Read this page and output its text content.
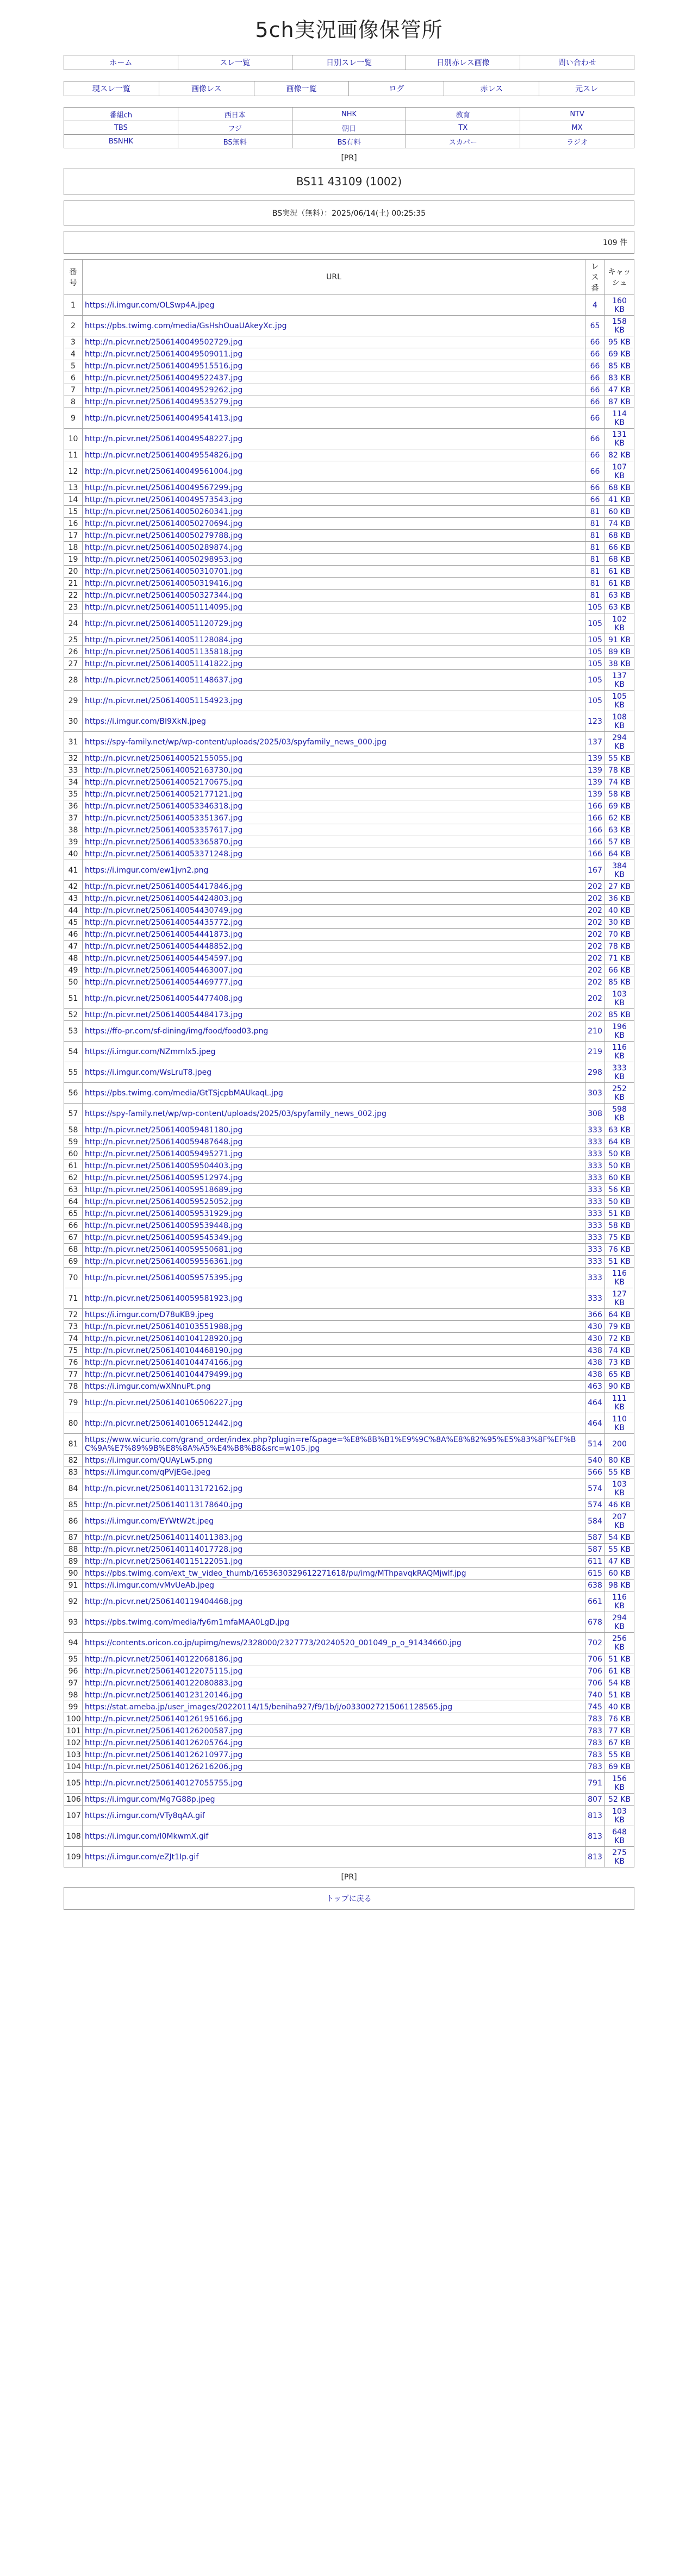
5ch実況画像保管所
ホーム	スレ一覧	日別スレ一覧	日別赤レス画像	問い合わせ
現スレ一覧	画像レス	画像一覧	ログ	赤レス	元スレ
番組ch	西日本	NHK	教育	NTV
TBS	フジ	朝日	TX	MX
BSNHK	BS無料	BS有料	スカパー	ラジオ
[PR]
BS11 43109 (1002)
BS実況（無料）：2025/06/14(土) 00:25:35
109 件
番号	URL	レス番	キャッシュ
1	https://i.imgur.com/OLSwp4A.jpeg	4	160 KB
2	https://pbs.twimg.com/media/GsHshOuaUAkeyXc.jpg	65	158 KB
3	http://n.picvr.net/2506140049502729.jpg	66	95 KB
4	http://n.picvr.net/2506140049509011.jpg	66	69 KB
5	http://n.picvr.net/2506140049515516.jpg	66	85 KB
6	http://n.picvr.net/2506140049522437.jpg	66	83 KB
7	http://n.picvr.net/2506140049529262.jpg	66	47 KB
8	http://n.picvr.net/2506140049535279.jpg	66	87 KB
9	http://n.picvr.net/2506140049541413.jpg	66	114 KB
10	http://n.picvr.net/2506140049548227.jpg	66	131 KB
11	http://n.picvr.net/2506140049554826.jpg	66	82 KB
12	http://n.picvr.net/2506140049561004.jpg	66	107 KB
13	http://n.picvr.net/2506140049567299.jpg	66	68 KB
14	http://n.picvr.net/2506140049573543.jpg	66	41 KB
15	http://n.picvr.net/2506140050260341.jpg	81	60 KB
16	http://n.picvr.net/2506140050270694.jpg	81	74 KB
17	http://n.picvr.net/2506140050279788.jpg	81	68 KB
18	http://n.picvr.net/2506140050289874.jpg	81	66 KB
19	http://n.picvr.net/2506140050298953.jpg	81	68 KB
20	http://n.picvr.net/2506140050310701.jpg	81	61 KB
21	http://n.picvr.net/2506140050319416.jpg	81	61 KB
22	http://n.picvr.net/2506140050327344.jpg	81	63 KB
23	http://n.picvr.net/2506140051114095.jpg	105	63 KB
24	http://n.picvr.net/2506140051120729.jpg	105	102 KB
25	http://n.picvr.net/2506140051128084.jpg	105	91 KB
26	http://n.picvr.net/2506140051135818.jpg	105	89 KB
27	http://n.picvr.net/2506140051141822.jpg	105	38 KB
28	http://n.picvr.net/2506140051148637.jpg	105	137 KB
29	http://n.picvr.net/2506140051154923.jpg	105	105 KB
30	https://i.imgur.com/BI9XkN.jpeg	123	108 KB
31	https://spy-family.net/wp/wp-content/uploads/2025/03/spyfamily_news_000.jpg	137	294 KB
32	http://n.picvr.net/2506140052155055.jpg	139	55 KB
33	http://n.picvr.net/2506140052163730.jpg	139	78 KB
34	http://n.picvr.net/2506140052170675.jpg	139	74 KB
35	http://n.picvr.net/2506140052177121.jpg	139	58 KB
36	http://n.picvr.net/2506140053346318.jpg	166	69 KB
37	http://n.picvr.net/2506140053351367.jpg	166	62 KB
38	http://n.picvr.net/2506140053357617.jpg	166	63 KB
39	http://n.picvr.net/2506140053365870.jpg	166	57 KB
40	http://n.picvr.net/2506140053371248.jpg	166	64 KB
41	https://i.imgur.com/ew1jvn2.png	167	384 KB
42	http://n.picvr.net/2506140054417846.jpg	202	27 KB
43	http://n.picvr.net/2506140054424803.jpg	202	36 KB
44	http://n.picvr.net/2506140054430749.jpg	202	40 KB
45	http://n.picvr.net/2506140054435772.jpg	202	30 KB
46	http://n.picvr.net/2506140054441873.jpg	202	70 KB
47	http://n.picvr.net/2506140054448852.jpg	202	78 KB
48	http://n.picvr.net/2506140054454597.jpg	202	71 KB
49	http://n.picvr.net/2506140054463007.jpg	202	66 KB
50	http://n.picvr.net/2506140054469777.jpg	202	85 KB
51	http://n.picvr.net/2506140054477408.jpg	202	103 KB
52	http://n.picvr.net/2506140054484173.jpg	202	85 KB
53	https://ffo-pr.com/sf-dining/img/food/food03.png	210	196 KB
54	https://i.imgur.com/NZmmlx5.jpeg	219	116 KB
55	https://i.imgur.com/WsLruT8.jpeg	298	333 KB
56	https://pbs.twimg.com/media/GtTSjcpbMAUkaqL.jpg	303	252 KB
57	https://spy-family.net/wp/wp-content/uploads/2025/03/spyfamily_news_002.jpg	308	598 KB
58	http://n.picvr.net/2506140059481180.jpg	333	63 KB
59	http://n.picvr.net/2506140059487648.jpg	333	64 KB
60	http://n.picvr.net/2506140059495271.jpg	333	50 KB
61	http://n.picvr.net/2506140059504403.jpg	333	50 KB
62	http://n.picvr.net/2506140059512974.jpg	333	60 KB
63	http://n.picvr.net/2506140059518689.jpg	333	56 KB
64	http://n.picvr.net/2506140059525052.jpg	333	50 KB
65	http://n.picvr.net/2506140059531929.jpg	333	51 KB
66	http://n.picvr.net/2506140059539448.jpg	333	58 KB
67	http://n.picvr.net/2506140059545349.jpg	333	75 KB
68	http://n.picvr.net/2506140059550681.jpg	333	76 KB
69	http://n.picvr.net/2506140059556361.jpg	333	51 KB
70	http://n.picvr.net/2506140059575395.jpg	333	116 KB
71	http://n.picvr.net/2506140059581923.jpg	333	127 KB
72	https://i.imgur.com/D78uKB9.jpeg	366	64 KB
73	http://n.picvr.net/2506140103551988.jpg	430	79 KB
74	http://n.picvr.net/2506140104128920.jpg	430	72 KB
75	http://n.picvr.net/2506140104468190.jpg	438	74 KB
76	http://n.picvr.net/2506140104474166.jpg	438	73 KB
77	http://n.picvr.net/2506140104479499.jpg	438	65 KB
78	https://i.imgur.com/wXNnuPt.png	463	90 KB
79	http://n.picvr.net/2506140106506227.jpg	464	111 KB
80	http://n.picvr.net/2506140106512442.jpg	464	110 KB
81	https://www.wicurio.com/grand_order/index.php?plugin=ref&page=%E8%8B%B1%E9%9C%8A%E8%82%95%E5%83%8F%EF%BC%9A%E7%89%9B%E8%8A%A5%E4%B8%B8&src=w105.jpg	514	200
82	https://i.imgur.com/QUAyLw5.png	540	80 KB
83	https://i.imgur.com/qPVjEGe.jpeg	566	55 KB
84	http://n.picvr.net/2506140113172162.jpg	574	103 KB
85	http://n.picvr.net/2506140113178640.jpg	574	46 KB
86	https://i.imgur.com/EYWtW2t.jpeg	584	207 KB
87	http://n.picvr.net/2506140114011383.jpg	587	54 KB
88	http://n.picvr.net/2506140114017728.jpg	587	55 KB
89	http://n.picvr.net/2506140115122051.jpg	611	47 KB
90	https://pbs.twimg.com/ext_tw_video_thumb/1653630329612271618/pu/img/MThpavqkRAQMjwlf.jpg	615	60 KB
91	https://i.imgur.com/vMvUeAb.jpeg	638	98 KB
92	http://n.picvr.net/2506140119404468.jpg	661	116 KB
93	https://pbs.twimg.com/media/fy6m1mfaMAA0LgD.jpg	678	294 KB
94	https://contents.oricon.co.jp/upimg/news/2328000/2327773/20240520_001049_p_o_91434660.jpg	702	256 KB
95	http://n.picvr.net/2506140122068186.jpg	706	51 KB
96	http://n.picvr.net/2506140122075115.jpg	706	61 KB
97	http://n.picvr.net/2506140122080883.jpg	706	54 KB
98	http://n.picvr.net/2506140123120146.jpg	740	51 KB
99	https://stat.ameba.jp/user_images/20220114/15/beniha927/f9/1b/j/o0330027215061128565.jpg	745	40 KB
100	http://n.picvr.net/2506140126195166.jpg	783	76 KB
101	http://n.picvr.net/2506140126200587.jpg	783	77 KB
102	http://n.picvr.net/2506140126205764.jpg	783	67 KB
103	http://n.picvr.net/2506140126210977.jpg	783	55 KB
104	http://n.picvr.net/2506140126216206.jpg	783	69 KB
105	http://n.picvr.net/2506140127055755.jpg	791	156 KB
106	https://i.imgur.com/Mg7G88p.jpeg	807	52 KB
107	https://i.imgur.com/VTy8qAA.gif	813	103 KB
108	https://i.imgur.com/I0MkwmX.gif	813	648 KB
109	https://i.imgur.com/eZJt1Ip.gif	813	275 KB
[PR]
トップに戻る
